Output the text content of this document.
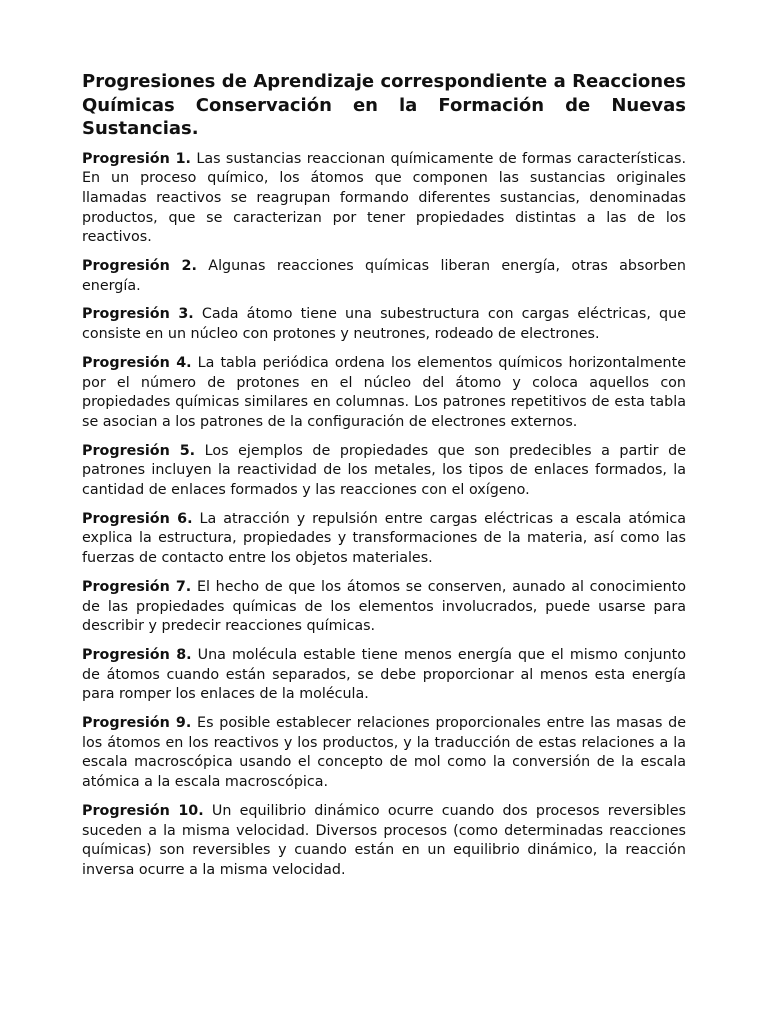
Progresiones de Aprendizaje correspondiente a Reacciones Químicas Conservación en la Formación de Nuevas Sustancias.

Progresión 1. Las sustancias reaccionan químicamente de formas características. En un proceso químico, los átomos que componen las sustancias originales llamadas reactivos se reagrupan formando diferentes sustancias, denominadas productos, que se caracterizan por tener propiedades distintas a las de los reactivos.

Progresión 2. Algunas reacciones químicas liberan energía, otras absorben energía.

Progresión 3. Cada átomo tiene una subestructura con cargas eléctricas, que consiste en un núcleo con protones y neutrones, rodeado de electrones.

Progresión 4. La tabla periódica ordena los elementos químicos horizontalmente por el número de protones en el núcleo del átomo y coloca aquellos con propiedades químicas similares en columnas. Los patrones repetitivos de esta tabla se asocian a los patrones de la configuración de electrones externos.

Progresión 5. Los ejemplos de propiedades que son predecibles a partir de patrones incluyen la reactividad de los metales, los tipos de enlaces formados, la cantidad de enlaces formados y las reacciones con el oxígeno.

Progresión 6. La atracción y repulsión entre cargas eléctricas a escala atómica explica la estructura, propiedades y transformaciones de la materia, así como las fuerzas de contacto entre los objetos materiales.

Progresión 7. El hecho de que los átomos se conserven, aunado al conocimiento de las propiedades químicas de los elementos involucrados, puede usarse para describir y predecir reacciones químicas.

Progresión 8. Una molécula estable tiene menos energía que el mismo conjunto de átomos cuando están separados, se debe proporcionar al menos esta energía para romper los enlaces de la molécula.

Progresión 9. Es posible establecer relaciones proporcionales entre las masas de los átomos en los reactivos y los productos, y la traducción de estas relaciones a la escala macroscópica usando el concepto de mol como la conversión de la escala atómica a la escala macroscópica.

Progresión 10. Un equilibrio dinámico ocurre cuando dos procesos reversibles suceden a la misma velocidad. Diversos procesos (como determinadas reacciones químicas) son reversibles y cuando están en un equilibrio dinámico, la reacción inversa ocurre a la misma velocidad.
